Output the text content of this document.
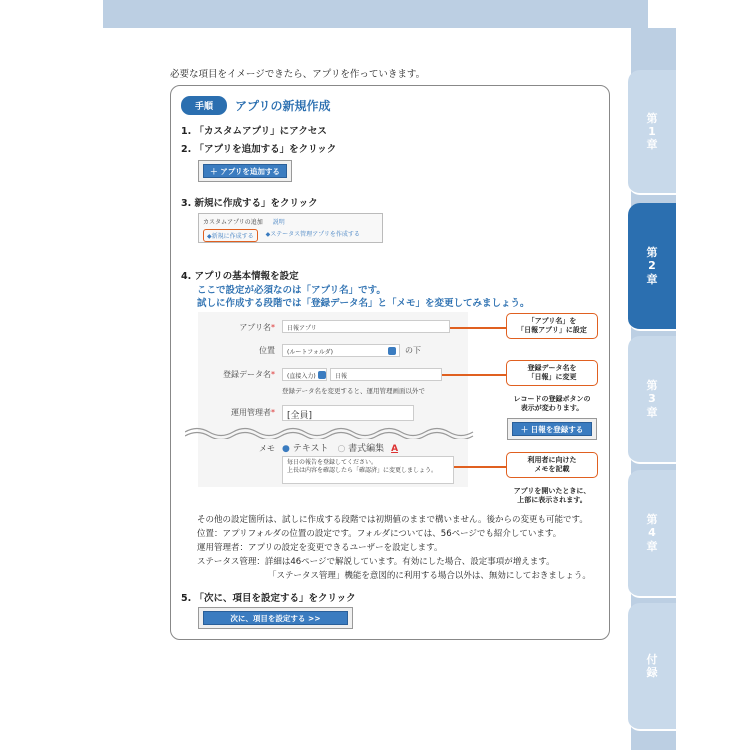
第
1
章
第
2
章
第
3
章
第
4
章
付
録
必要な項目をイメージできたら、アプリを作っていきます。
手順	アプリの新規作成
1. 「カスタムアプリ」にアクセス
2. 「アプリを追加する」をクリック
＋ アプリを追加する
3. 新規に作成する」をクリック
カスタムアプリの追加 説明
◆新規に作成する	◆ステータス管理アプリを作成する
4. アプリの基本情報を設定
ここで設定が必須なのは「アプリ名」です。
試しに作成する段階では「登録データ名」と「メモ」を変更してみましょう。
アプリ名*	日報アプリ
位置	(ルートフォルダ)	の下
登録データ名*	(直接入力)	日報
登録データ名を変更すると、運用管理画面以外で
運用管理者*	[全員]
メモ ● テキスト ○ 書式編集 A
毎日の報告を登録してください。
上長は内容を確認したら「確認済」に変更しましょう。
「アプリ名」を
「日報アプリ」に設定
登録データ名を
「日報」に変更
レコードの登録ボタンの
表示が変わります。
＋ 日報を登録する
利用者に向けた
メモを記載
アプリを開いたときに、
上部に表示されます。
その他の設定箇所は、試しに作成する段階では初期値のままで構いません。後からの変更も可能です。
位置：アプリフォルダの位置の設定です。フォルダについては、56ページでも紹介しています。
運用管理者：アプリの設定を変更できるユーザーを設定します。
ステータス管理：詳細は46ページで解説しています。有効にした場合、設定事項が増えます。
「ステータス管理」機能を意図的に利用する場合以外は、無効にしておきましょう。
5. 「次に、項目を設定する」をクリック
次に、項目を設定する >>
